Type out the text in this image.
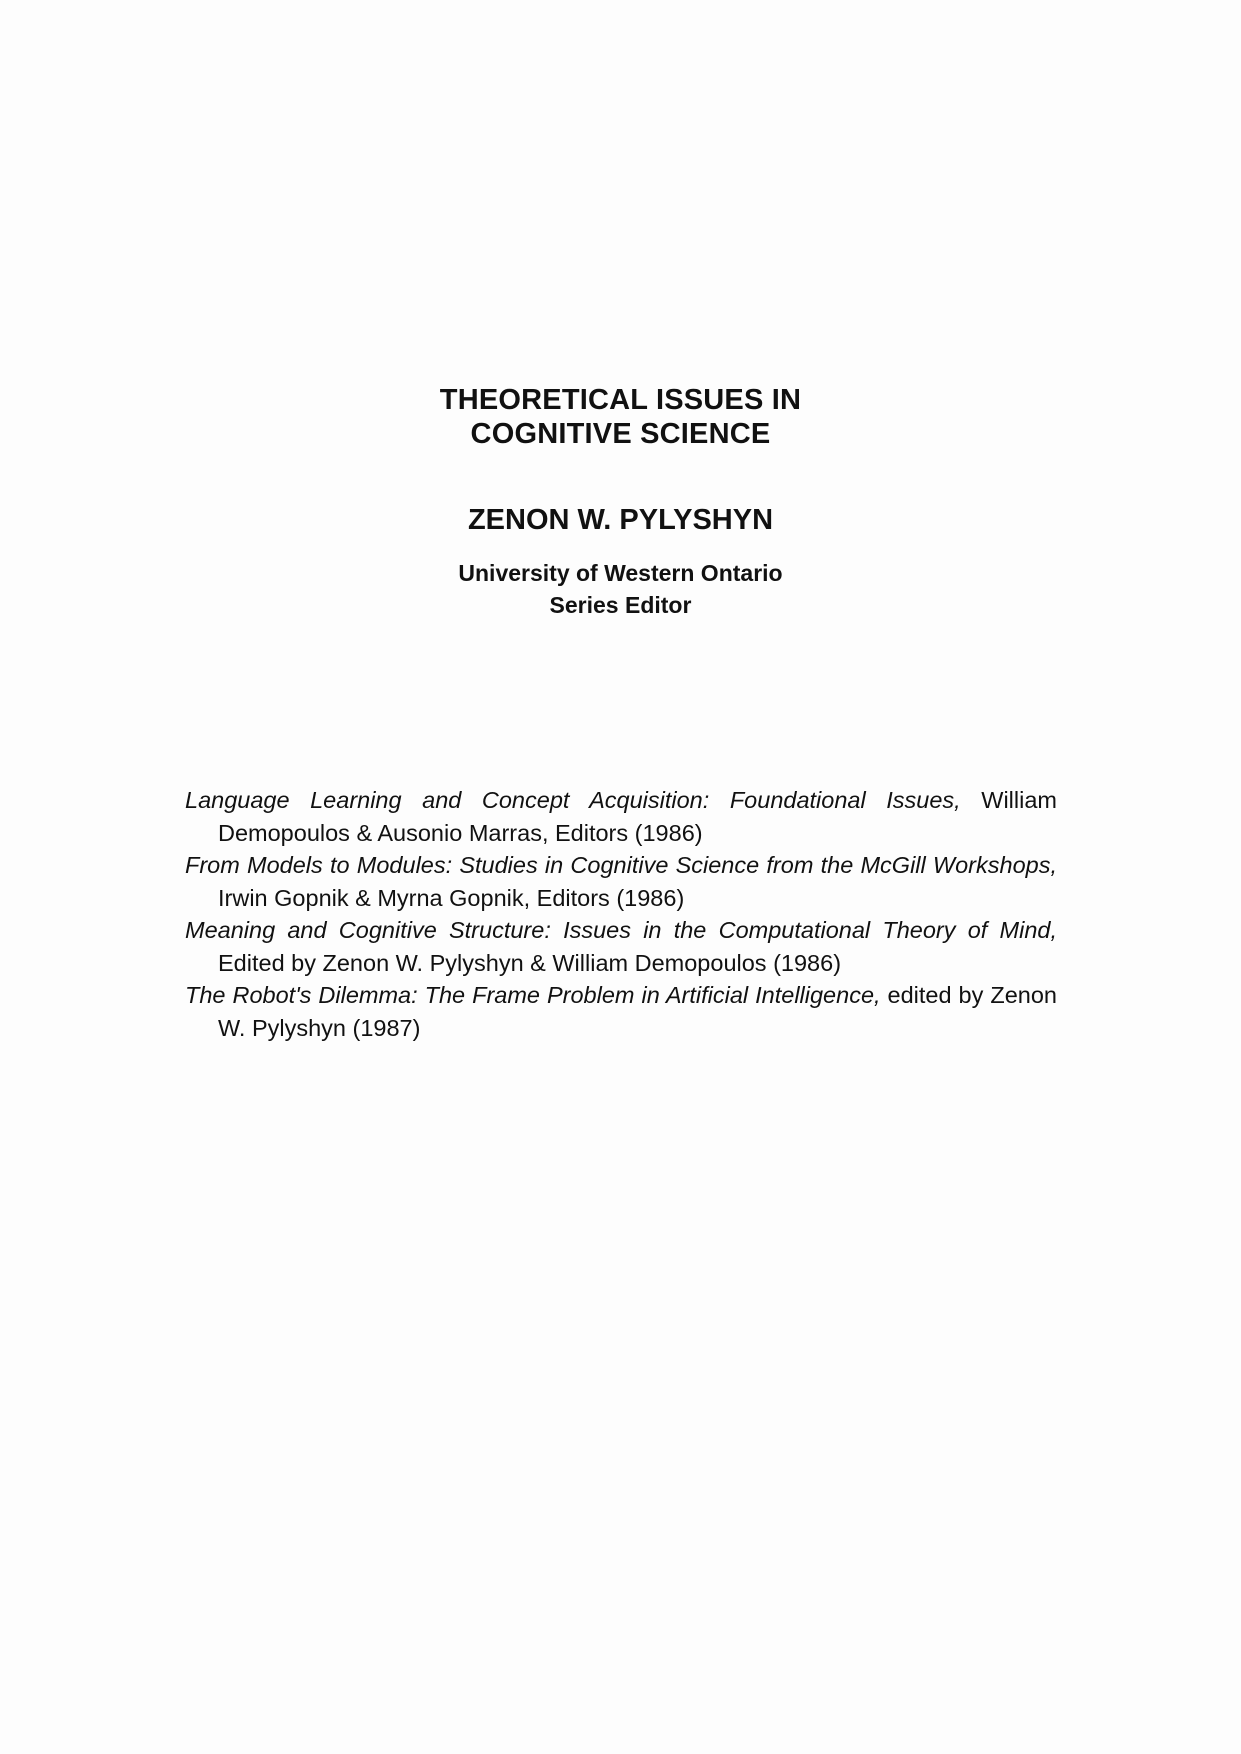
THEORETICAL ISSUES IN
COGNITIVE SCIENCE
ZENON W. PYLYSHYN
University of Western Ontario
Series Editor
Language Learning and Concept Acquisition: Foundational Issues, William Demopoulos & Ausonio Marras, Editors (1986)
From Models to Modules: Studies in Cognitive Science from the McGill Workshops, Irwin Gopnik & Myrna Gopnik, Editors (1986)
Meaning and Cognitive Structure: Issues in the Computational Theory of Mind, Edited by Zenon W. Pylyshyn & William Demopoulos (1986)
The Robot's Dilemma: The Frame Problem in Artificial Intelligence, edited by Zenon W. Pylyshyn (1987)
